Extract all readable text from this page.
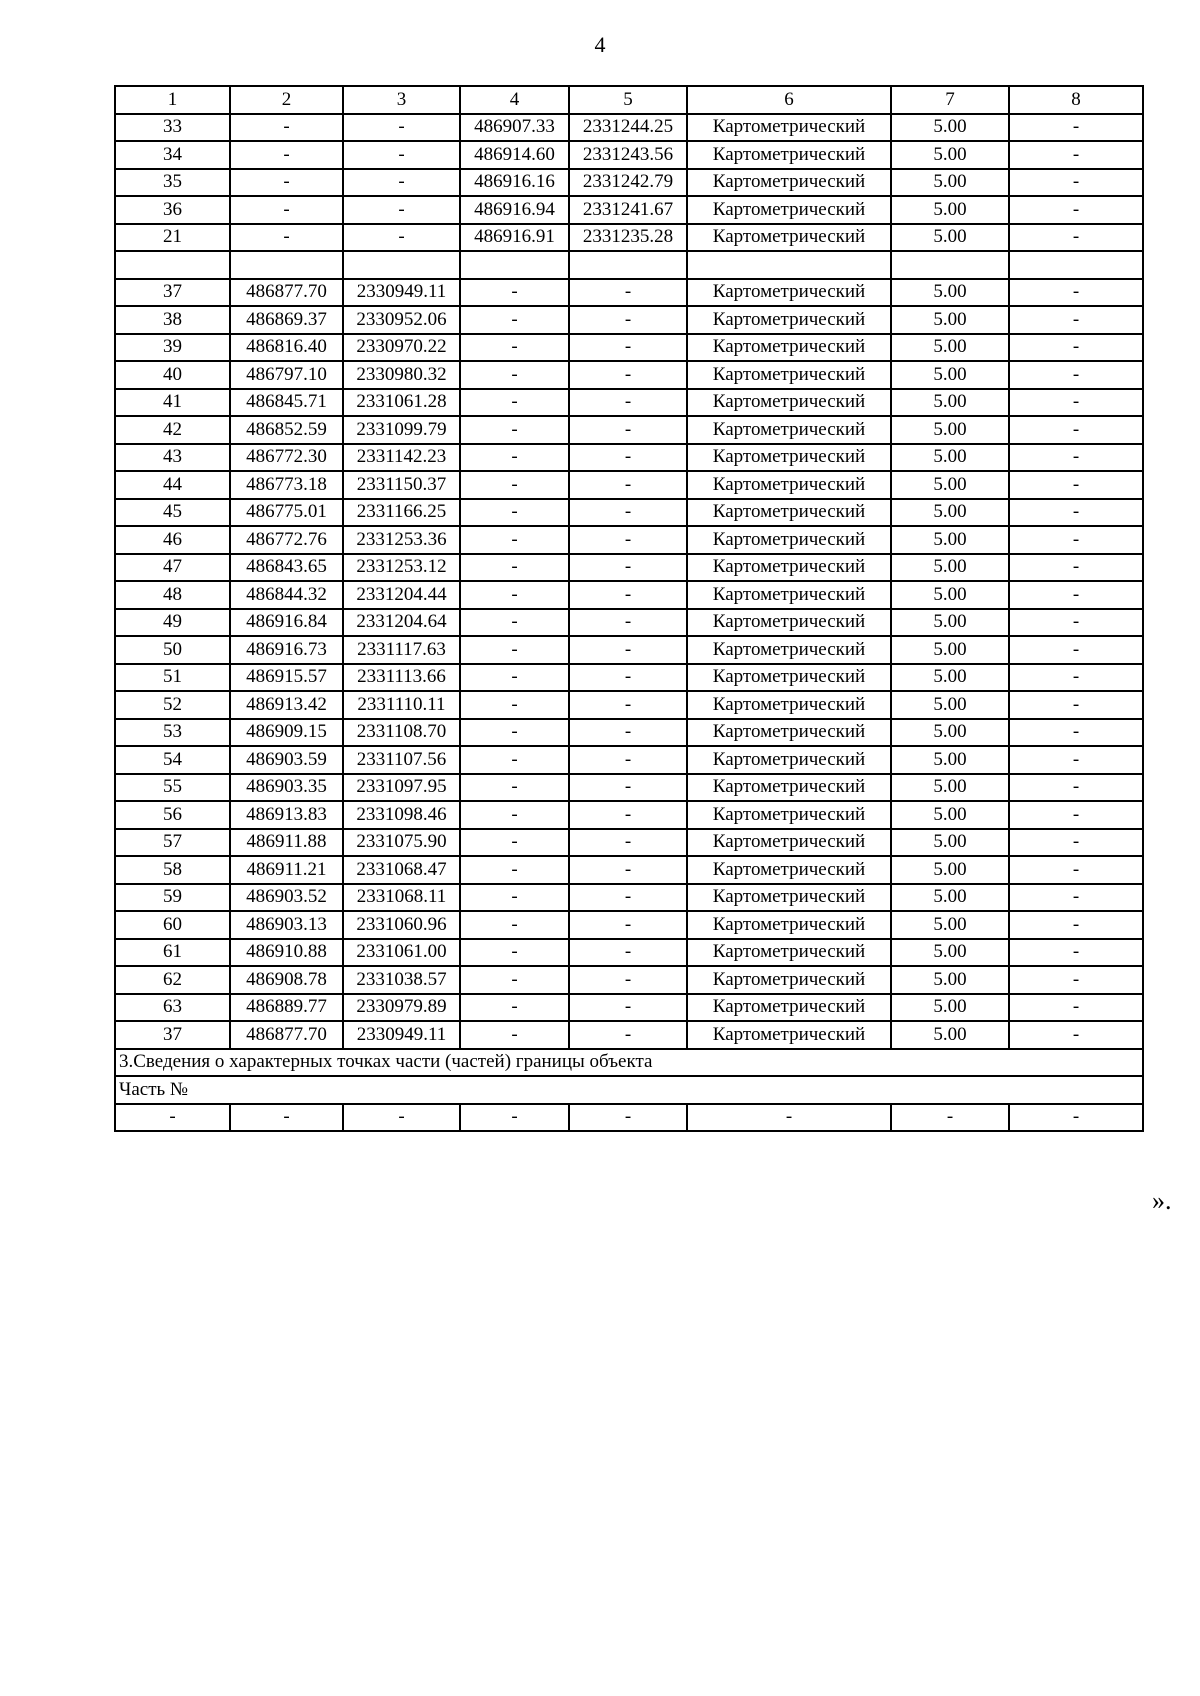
4
1	2	3	4	5	6	7	8
33	-	-	486907.33	2331244.25	Картометрический	5.00	-
34	-	-	486914.60	2331243.56	Картометрический	5.00	-
35	-	-	486916.16	2331242.79	Картометрический	5.00	-
36	-	-	486916.94	2331241.67	Картометрический	5.00	-
21	-	-	486916.91	2331235.28	Картометрический	5.00	-

37	486877.70	2330949.11	-	-	Картометрический	5.00	-
38	486869.37	2330952.06	-	-	Картометрический	5.00	-
39	486816.40	2330970.22	-	-	Картометрический	5.00	-
40	486797.10	2330980.32	-	-	Картометрический	5.00	-
41	486845.71	2331061.28	-	-	Картометрический	5.00	-
42	486852.59	2331099.79	-	-	Картометрический	5.00	-
43	486772.30	2331142.23	-	-	Картометрический	5.00	-
44	486773.18	2331150.37	-	-	Картометрический	5.00	-
45	486775.01	2331166.25	-	-	Картометрический	5.00	-
46	486772.76	2331253.36	-	-	Картометрический	5.00	-
47	486843.65	2331253.12	-	-	Картометрический	5.00	-
48	486844.32	2331204.44	-	-	Картометрический	5.00	-
49	486916.84	2331204.64	-	-	Картометрический	5.00	-
50	486916.73	2331117.63	-	-	Картометрический	5.00	-
51	486915.57	2331113.66	-	-	Картометрический	5.00	-
52	486913.42	2331110.11	-	-	Картометрический	5.00	-
53	486909.15	2331108.70	-	-	Картометрический	5.00	-
54	486903.59	2331107.56	-	-	Картометрический	5.00	-
55	486903.35	2331097.95	-	-	Картометрический	5.00	-
56	486913.83	2331098.46	-	-	Картометрический	5.00	-
57	486911.88	2331075.90	-	-	Картометрический	5.00	-
58	486911.21	2331068.47	-	-	Картометрический	5.00	-
59	486903.52	2331068.11	-	-	Картометрический	5.00	-
60	486903.13	2331060.96	-	-	Картометрический	5.00	-
61	486910.88	2331061.00	-	-	Картометрический	5.00	-
62	486908.78	2331038.57	-	-	Картометрический	5.00	-
63	486889.77	2330979.89	-	-	Картометрический	5.00	-
37	486877.70	2330949.11	-	-	Картометрический	5.00	-
3.Сведения о характерных точках части (частей) границы объекта							
Часть №							
-	-	-	-	-	-	-	-
».
